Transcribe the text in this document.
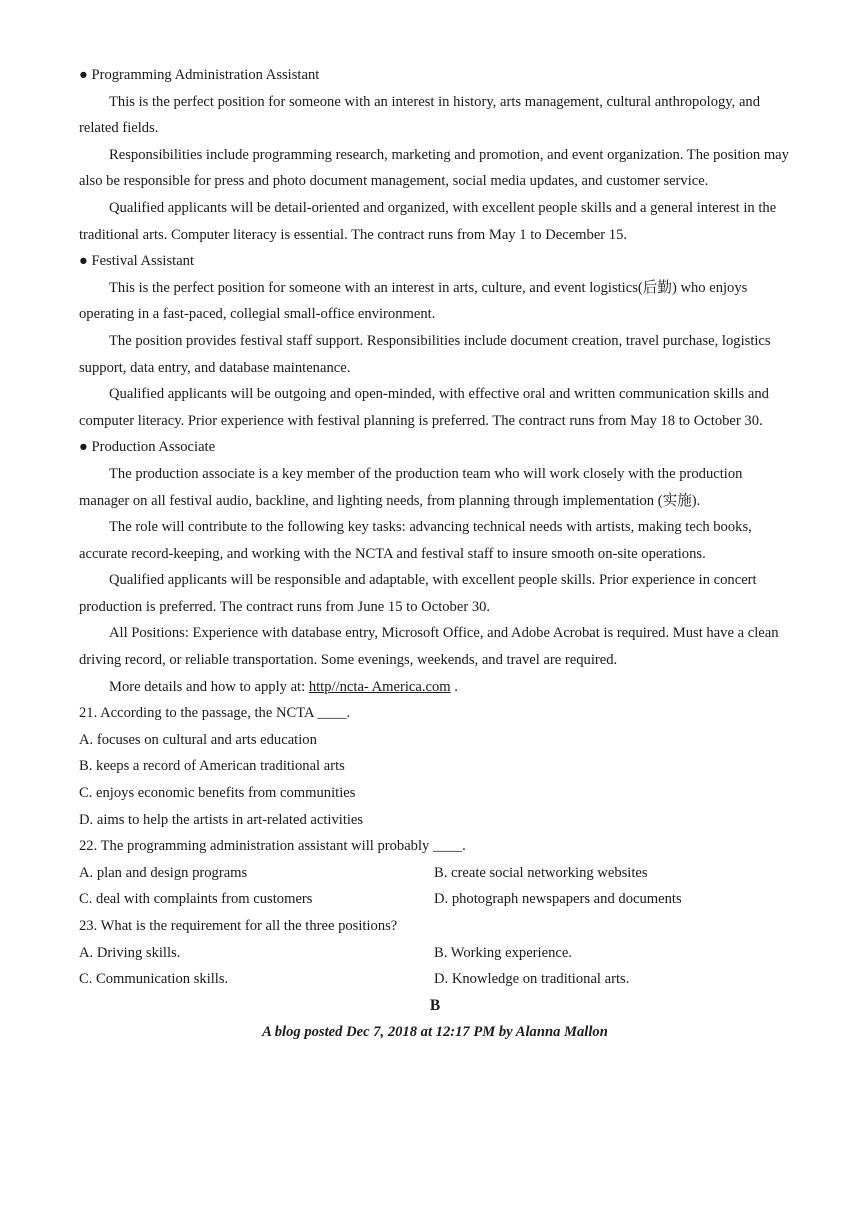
● Programming Administration Assistant

This is the perfect position for someone with an interest in history, arts management, cultural anthropology, and related fields.

Responsibilities include programming research, marketing and promotion, and event organization. The position may also be responsible for press and photo document management, social media updates, and customer service.

Qualified applicants will be detail-oriented and organized, with excellent people skills and a general interest in the traditional arts. Computer literacy is essential. The contract runs from May 1 to December 15.

● Festival Assistant

This is the perfect position for someone with an interest in arts, culture, and event logistics(后勤) who enjoys operating in a fast-paced, collegial small-office environment.

The position provides festival staff support. Responsibilities include document creation, travel purchase, logistics support, data entry, and database maintenance.

Qualified applicants will be outgoing and open-minded, with effective oral and written communication skills and computer literacy. Prior experience with festival planning is preferred. The contract runs from May 18 to October 30.

● Production Associate

The production associate is a key member of the production team who will work closely with the production manager on all festival audio, backline, and lighting needs, from planning through implementation (实施).

The role will contribute to the following key tasks: advancing technical needs with artists, making tech books, accurate record-keeping, and working with the NCTA and festival staff to insure smooth on-site operations.

Qualified applicants will be responsible and adaptable, with excellent people skills. Prior experience in concert production is preferred. The contract runs from June 15 to October 30.

All Positions: Experience with database entry, Microsoft Office, and Adobe Acrobat is required. Must have a clean driving record, or reliable transportation. Some evenings, weekends, and travel are required.

More details and how to apply at: http//ncta- America.com .

21. According to the passage, the NCTA ____.

A. focuses on cultural and arts education

B. keeps a record of American traditional arts

C. enjoys economic benefits from communities

D. aims to help the artists in art-related activities

22. The programming administration assistant will probably ____.

A. plan and design programs	B. create social networking websites

C. deal with complaints from customers	D. photograph newspapers and documents

23. What is the requirement for all the three positions?

A. Driving skills.	B. Working experience.

C. Communication skills.	D. Knowledge on traditional arts.

B

A blog posted Dec 7, 2018 at 12:17 PM by Alanna Mallon
